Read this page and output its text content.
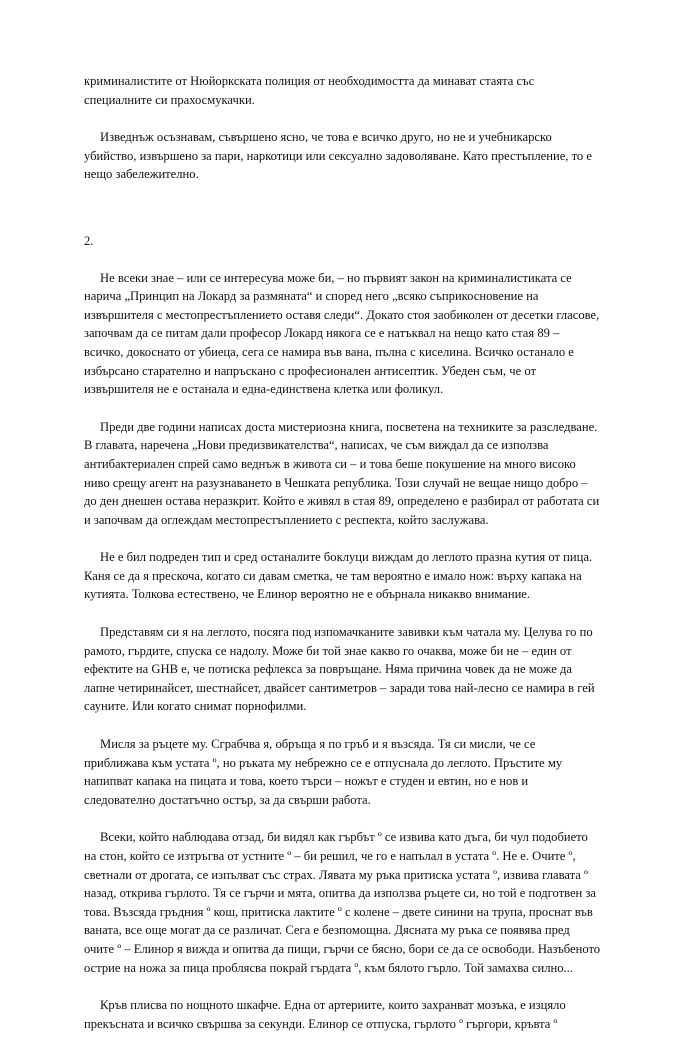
криминалистите от Нюйоркската полиция от необходимостта да минават стаята със
специалните си прахосмукачки.

Изведнъж осъзнавам, съвършено ясно, че това е всичко друго, но не и учебникарско
убийство, извършено за пари, наркотици или сексуално задоволяване. Като престъпление, то е
нещо забележително.

2.

Не всеки знае – или се интересува може би, – но първият закон на криминалистиката се
нарича „Принцип на Локард за размяната“ и според него „всяко съприкосновение на
извършителя с местопрестъплението оставя следи“. Докато стоя заобиколен от десетки гласове,
започвам да се питам дали професор Локард някога се е натъквал на нещо като стая 89 –
всичко, докоснато от убиеца, сега се намира във вана, пълна с киселина. Всичко останало е
избърсано старателно и напръскано с професионален антисептик. Убеден съм, че от
извършителя не е останала и една-единствена клетка или фоликул.

Преди две години написах доста мистериозна книга, посветена на техниките за разследване.
В главата, наречена „Нови предизвикателства“, написах, че съм виждал да се използва
антибактериален спрей само веднъж в живота си – и това беше покушение на много високо
ниво срещу агент на разузнаването в Чешката република. Този случай не вещае нищо добро –
до ден днешен остава неразкрит. Който е живял в стая 89, определено е разбирал от работата си
и започвам да оглеждам местопрестъплението с респекта, който заслужава.

Не е бил подреден тип и сред останалите боклуци виждам до леглото празна кутия от пица.
Каня се да я прескоча, когато си давам сметка, че там вероятно е имало нож: върху капака на
кутията. Толкова естествено, че Елинор вероятно не е обърнала никакво внимание.

Представям си я на леглото, посяга под изпомачканите завивки към чатала му. Целува го по
рамото, гърдите, спуска се надолу. Може би той знае какво го очаква, може би не – един от
ефектите на GHB е, че потиска рефлекса за повръщане. Няма причина човек да не може да
лапне четиринайсет, шестнайсет, двайсет сантиметров – заради това най-лесно се намира в гей
сауните. Или когато снимат порнофилми.

Мисля за ръцете му. Сграбчва я, обръща я по гръб и я възсяда. Тя си мисли, че се
приближава към устата º, но ръката му небрежно се е отпуснала до леглото. Пръстите му
напипват капака на пицата и това, което търси – ножът е студен и евтин, но е нов и
следователно достатъчно остър, за да свърши работа.

Всеки, който наблюдава отзад, би видял как гърбът º се извива като дъга, би чул подобието
на стон, който се изтръгва от устните º – би решил, че го е напълал в устата º. Не е. Очите º,
светнали от дрогата, се изпълват със страх. Лявата му ръка притиска устата º, извива главата º
назад, открива гърлото. Тя се гърчи и мята, опитва да използва ръцете си, но той е подготвен за
това. Възсяда гръдния º кош, притиска лактите º с колене – двете синини на трупа, проснат във
ваната, все още могат да се различат. Сега е безпомощна. Дясната му ръка се появява пред
очите º – Елинор я вижда и опитва да пищи, гърчи се бясно, бори се да се освободи. Назъбеното
острие на ножа за пица проблясва покрай гърдата º, към бялото гърло. Той замахва силно...

Кръв плисва по нощното шкафче. Една от артериите, които захранват мозъка, е изцяло
прекъсната и всичко свършва за секунди. Елинор се отпуска, гърлото º гъргори, кръвта º
